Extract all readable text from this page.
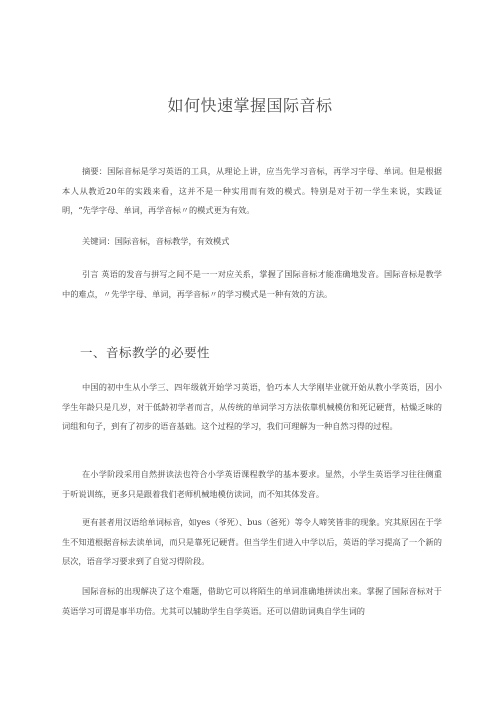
如何快速掌握国际音标

摘要：国际音标是学习英语的工具，从理论上讲，应当先学习音标，再学习字母、单词。但是根据本人从教近20年的实践来看，这并不是一种实用而有效的模式。特别是对于初一学生来说，实践证明，“先学字母、单词，再学音标〃的模式更为有效。

关键词：国际音标，音标教学，有效模式

引言 英语的发音与拼写之间不是一一对应关系，掌握了国际音标才能准确地发音。国际音标是教学中的难点，〃先学字母、单词，再学音标〃的学习模式是一种有效的方法。

一、音标教学的必要性

中国的初中生从小学三、四年级就开始学习英语，恰巧本人大学刚毕业就开始从教小学英语，因小学生年龄只是几岁，对于低龄初学者而言，从传统的单词学习方法依靠机械模仿和死记硬背，枯燥乏味的词组和句子，到有了初步的语音基础。这个过程的学习，我们可理解为一种自然习得的过程。

在小学阶段采用自然拼读法也符合小学英语课程教学的基本要求。显然，小学生英语学习往往侧重于听说训练，更多只是跟着我们老师机械地模仿读词，而不知其体发音。

更有甚者用汉语给单词标音，如yes（爷死）、bus（爸死）等令人啼笑皆非的现象。究其原因在于学生不知道根据音标去读单词，而只是靠死记硬背。但当学生们进入中学以后，英语的学习提高了一个新的层次，语音学习要求到了自觉习得阶段。

国际音标的出现解决了这个难题，借助它可以将陌生的单词准确地拼读出来。掌握了国际音标对于英语学习可谓是事半功倍。尤其可以辅助学生自学英语。还可以借助词典自学生词的
